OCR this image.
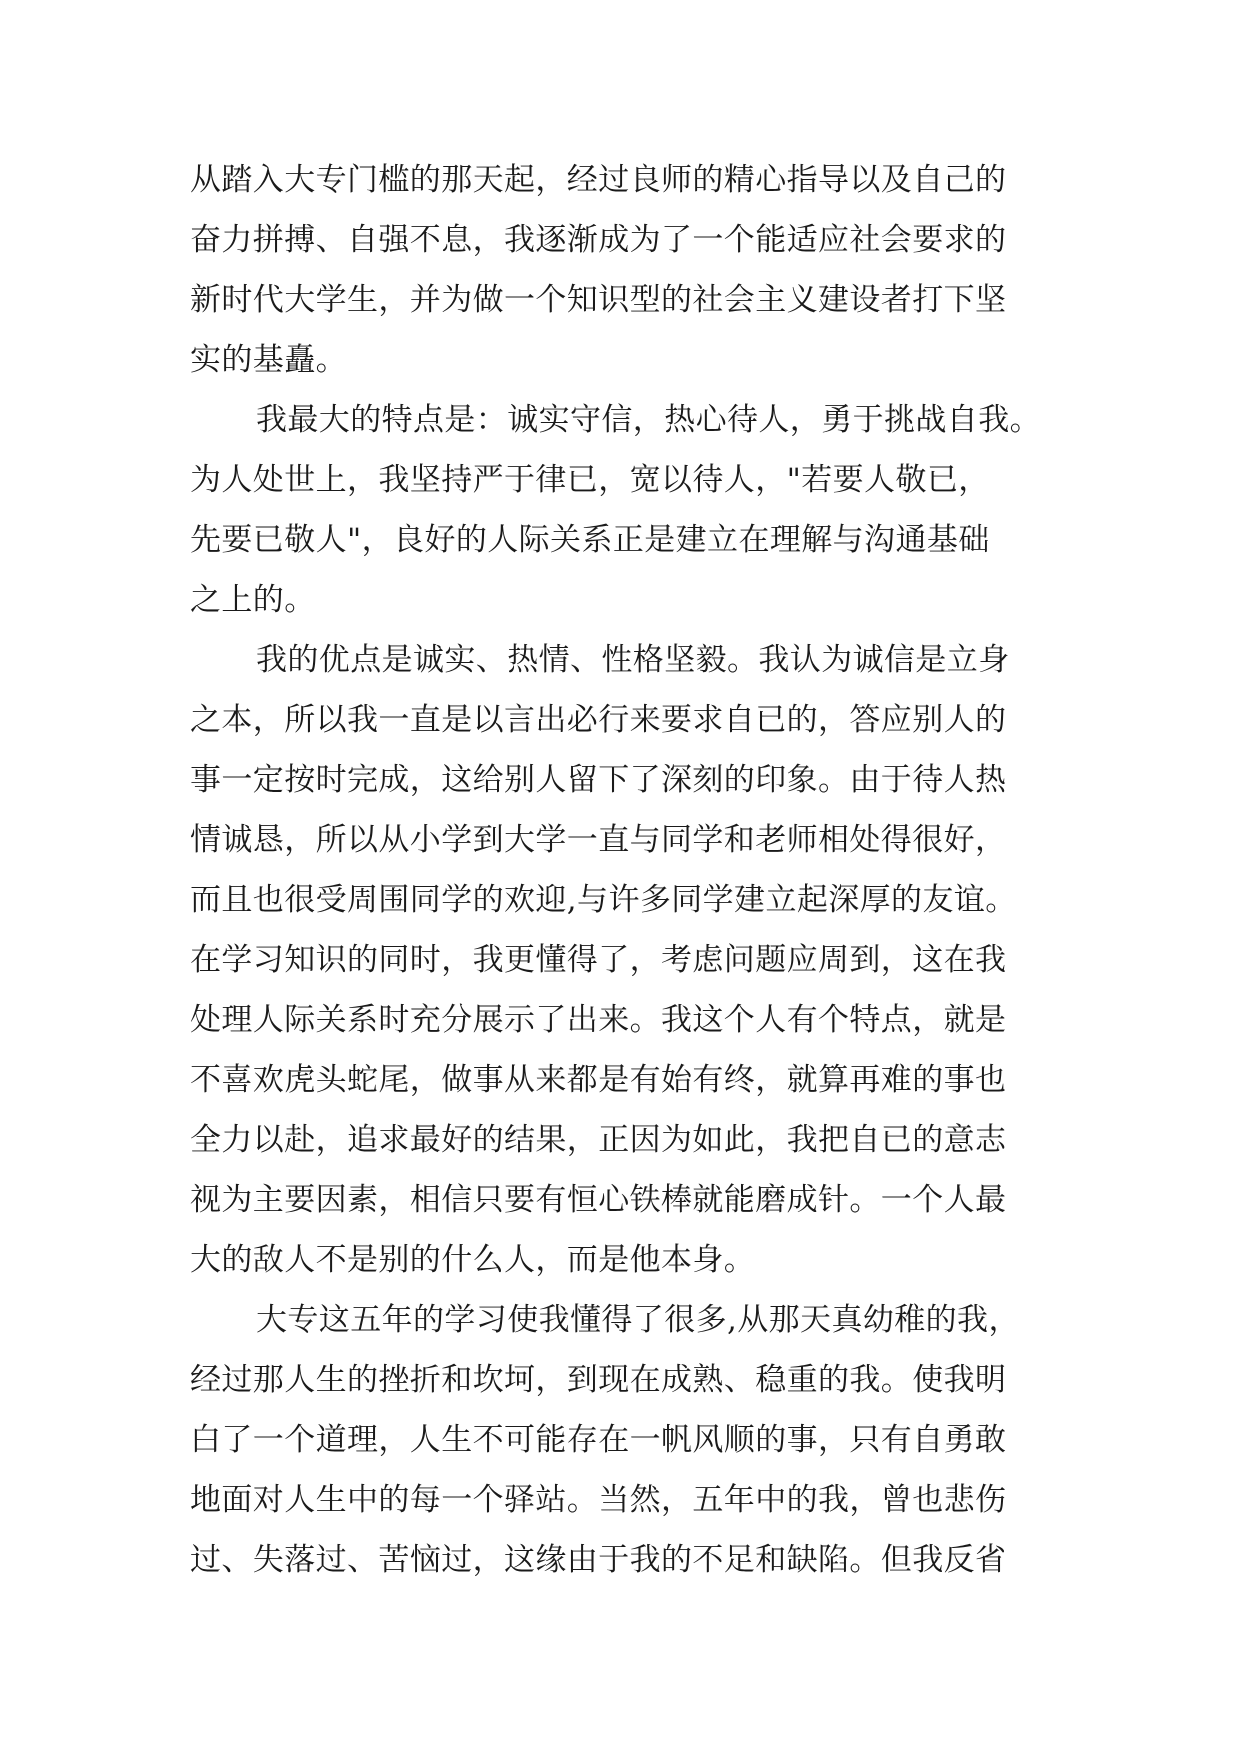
从踏入大专门槛的那天起，经过良师的精心指导以及自己的
奋力拼搏、自强不息，我逐渐成为了一个能适应社会要求的
新时代大学生，并为做一个知识型的社会主义建设者打下坚
实的基矗。
我最大的特点是：诚实守信，热心待人，勇于挑战自我。
为人处世上，我坚持严于律已，宽以待人，"若要人敬已，
先要已敬人"，良好的人际关系正是建立在理解与沟通基础
之上的。
我的优点是诚实、热情、性格坚毅。我认为诚信是立身
之本，所以我一直是以言出必行来要求自已的，答应别人的
事一定按时完成，这给别人留下了深刻的印象。由于待人热
情诚恳，所以从小学到大学一直与同学和老师相处得很好，
而且也很受周围同学的欢迎,与许多同学建立起深厚的友谊。
在学习知识的同时，我更懂得了，考虑问题应周到，这在我
处理人际关系时充分展示了出来。我这个人有个特点，就是
不喜欢虎头蛇尾，做事从来都是有始有终，就算再难的事也
全力以赴，追求最好的结果，正因为如此，我把自已的意志
视为主要因素，相信只要有恒心铁棒就能磨成针。一个人最
大的敌人不是别的什么人，而是他本身。
大专这五年的学习使我懂得了很多,从那天真幼稚的我，
经过那人生的挫折和坎坷，到现在成熟、稳重的我。使我明
白了一个道理，人生不可能存在一帆风顺的事，只有自勇敢
地面对人生中的每一个驿站。当然，五年中的我，曾也悲伤
过、失落过、苦恼过，这缘由于我的不足和缺陷。但我反省
